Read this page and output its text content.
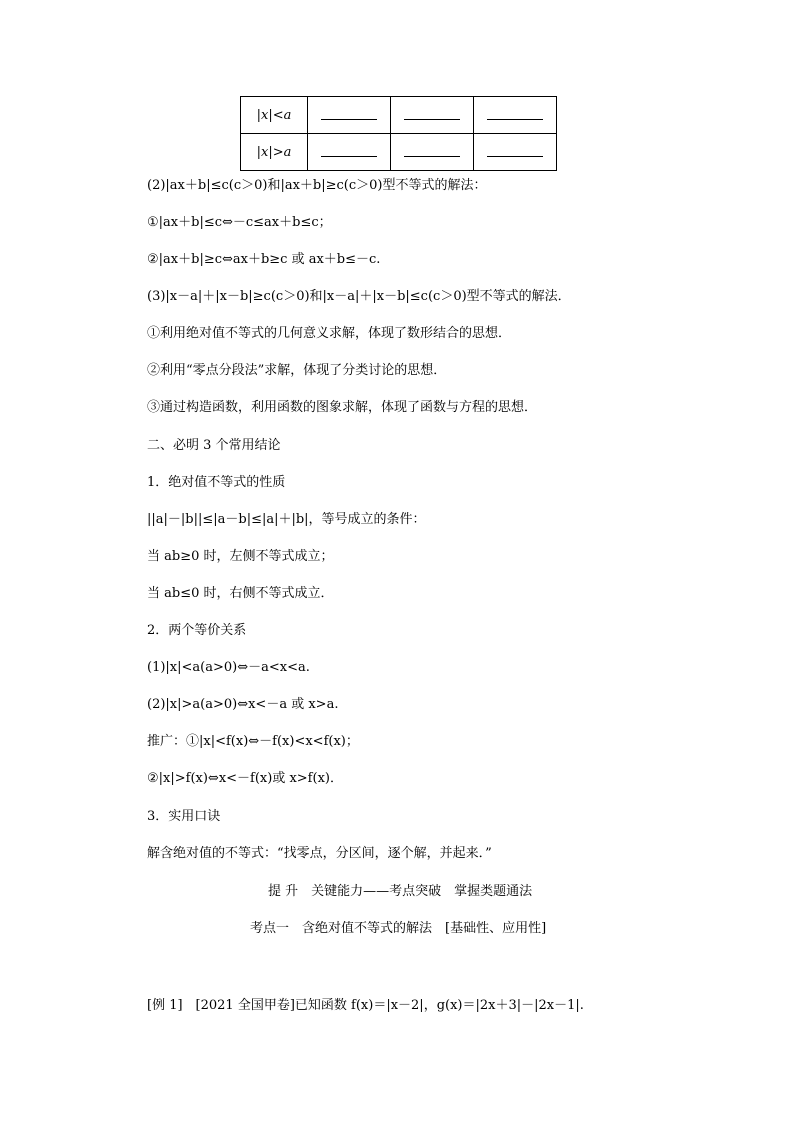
|x|<a			
|x|>a			
(2)|ax＋b|≤c(c＞0)和|ax＋b|≥c(c＞0)型不等式的解法：
①|ax＋b|≤c⇔－c≤ax＋b≤c；
②|ax＋b|≥c⇔ax＋b≥c 或 ax＋b≤－c.
(3)|x－a|＋|x－b|≥c(c＞0)和|x－a|＋|x－b|≤c(c＞0)型不等式的解法．
①利用绝对值不等式的几何意义求解，体现了数形结合的思想．
②利用“零点分段法”求解，体现了分类讨论的思想．
③通过构造函数，利用函数的图象求解，体现了函数与方程的思想．
二、必明 3 个常用结论
1．绝对值不等式的性质
||a|－|b||≤|a－b|≤|a|＋|b|，等号成立的条件：
当 ab≥0 时，左侧不等式成立；
当 ab≤0 时，右侧不等式成立．
2．两个等价关系
(1)|x|<a(a>0)⇔－a<x<a.
(2)|x|>a(a>0)⇔x<－a 或 x>a.
推广：①|x|<f(x)⇔－f(x)<x<f(x)；
②|x|>f(x)⇔x<－f(x)或 x>f(x)．
3．实用口诀
解含绝对值的不等式：“找零点，分区间，逐个解，并起来．”
提 升　关键能力——考点突破　掌握类题通法
考点一　含绝对值不等式的解法　[基础性、应用性]
[例 1]　[2021 全国甲卷]已知函数 f(x)＝|x－2|，g(x)＝|2x＋3|－|2x－1|.
